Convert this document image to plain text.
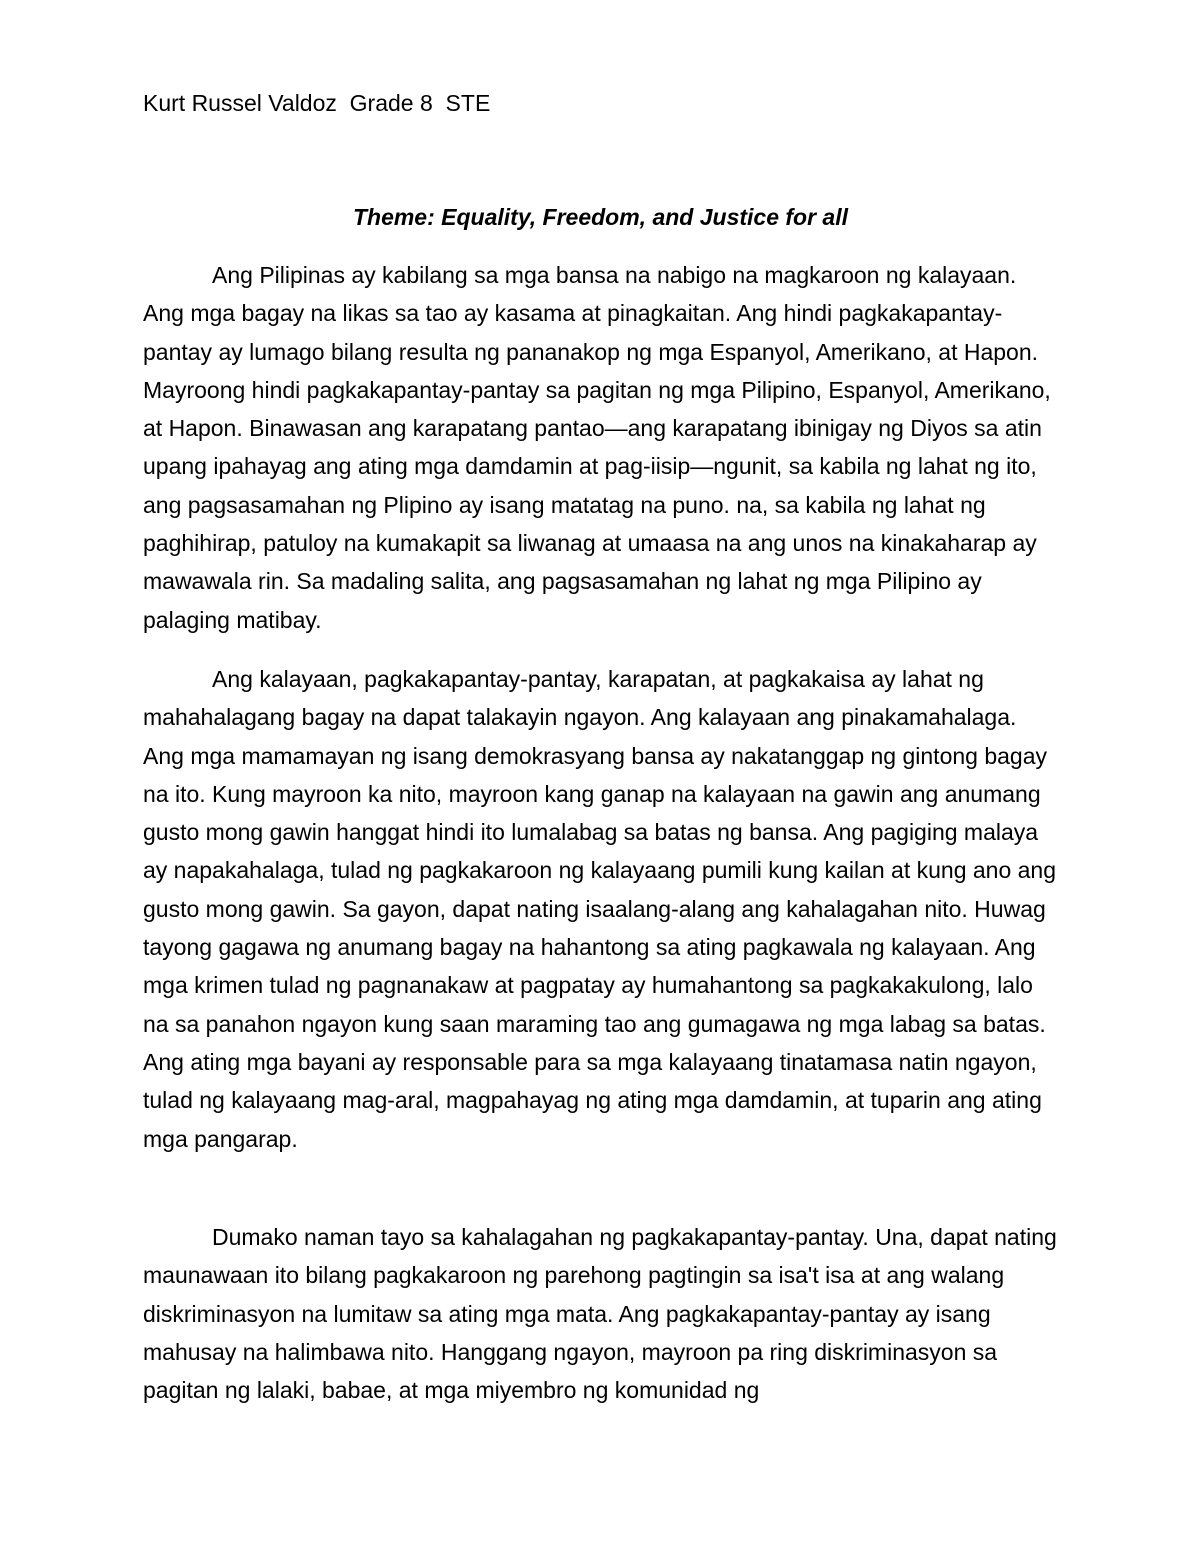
Kurt Russel Valdoz  Grade 8  STE
Theme: Equality, Freedom, and Justice for all

Ang Pilipinas ay kabilang sa mga bansa na nabigo na magkaroon ng kalayaan. Ang mga bagay na likas sa tao ay kasama at pinagkaitan. Ang hindi pagkakapantay-pantay ay lumago bilang resulta ng pananakop ng mga Espanyol, Amerikano, at Hapon. Mayroong hindi pagkakapantay-pantay sa pagitan ng mga Pilipino, Espanyol, Amerikano, at Hapon. Binawasan ang karapatang pantao—ang karapatang ibinigay ng Diyos sa atin upang ipahayag ang ating mga damdamin at pag-iisip—ngunit, sa kabila ng lahat ng ito, ang pagsasamahan ng Plipino ay isang matatag na puno. na, sa kabila ng lahat ng paghihirap, patuloy na kumakapit sa liwanag at umaasa na ang unos na kinakaharap ay mawawala rin. Sa madaling salita, ang pagsasamahan ng lahat ng mga Pilipino ay palaging matibay.

Ang kalayaan, pagkakapantay-pantay, karapatan, at pagkakaisa ay lahat ng mahahalagang bagay na dapat talakayin ngayon. Ang kalayaan ang pinakamahalaga. Ang mga mamamayan ng isang demokrasyang bansa ay nakatanggap ng gintong bagay na ito. Kung mayroon ka nito, mayroon kang ganap na kalayaan na gawin ang anumang gusto mong gawin hanggat hindi ito lumalabag sa batas ng bansa. Ang pagiging malaya ay napakahalaga, tulad ng pagkakaroon ng kalayaang pumili kung kailan at kung ano ang gusto mong gawin. Sa gayon, dapat nating isaalang-alang ang kahalagahan nito. Huwag tayong gagawa ng anumang bagay na hahantong sa ating pagkawala ng kalayaan. Ang mga krimen tulad ng pagnanakaw at pagpatay ay humahantong sa pagkakakulong, lalo na sa panahon ngayon kung saan maraming tao ang gumagawa ng mga labag sa batas. Ang ating mga bayani ay responsable para sa mga kalayaang tinatamasa natin ngayon, tulad ng kalayaang mag-aral, magpahayag ng ating mga damdamin, at tuparin ang ating mga pangarap.

Dumako naman tayo sa kahalagahan ng pagkakapantay-pantay. Una, dapat nating maunawaan ito bilang pagkakaroon ng parehong pagtingin sa isa't isa at ang walang diskriminasyon na lumitaw sa ating mga mata. Ang pagkakapantay-pantay ay isang mahusay na halimbawa nito. Hanggang ngayon, mayroon pa ring diskriminasyon sa pagitan ng lalaki, babae, at mga miyembro ng komunidad ng
